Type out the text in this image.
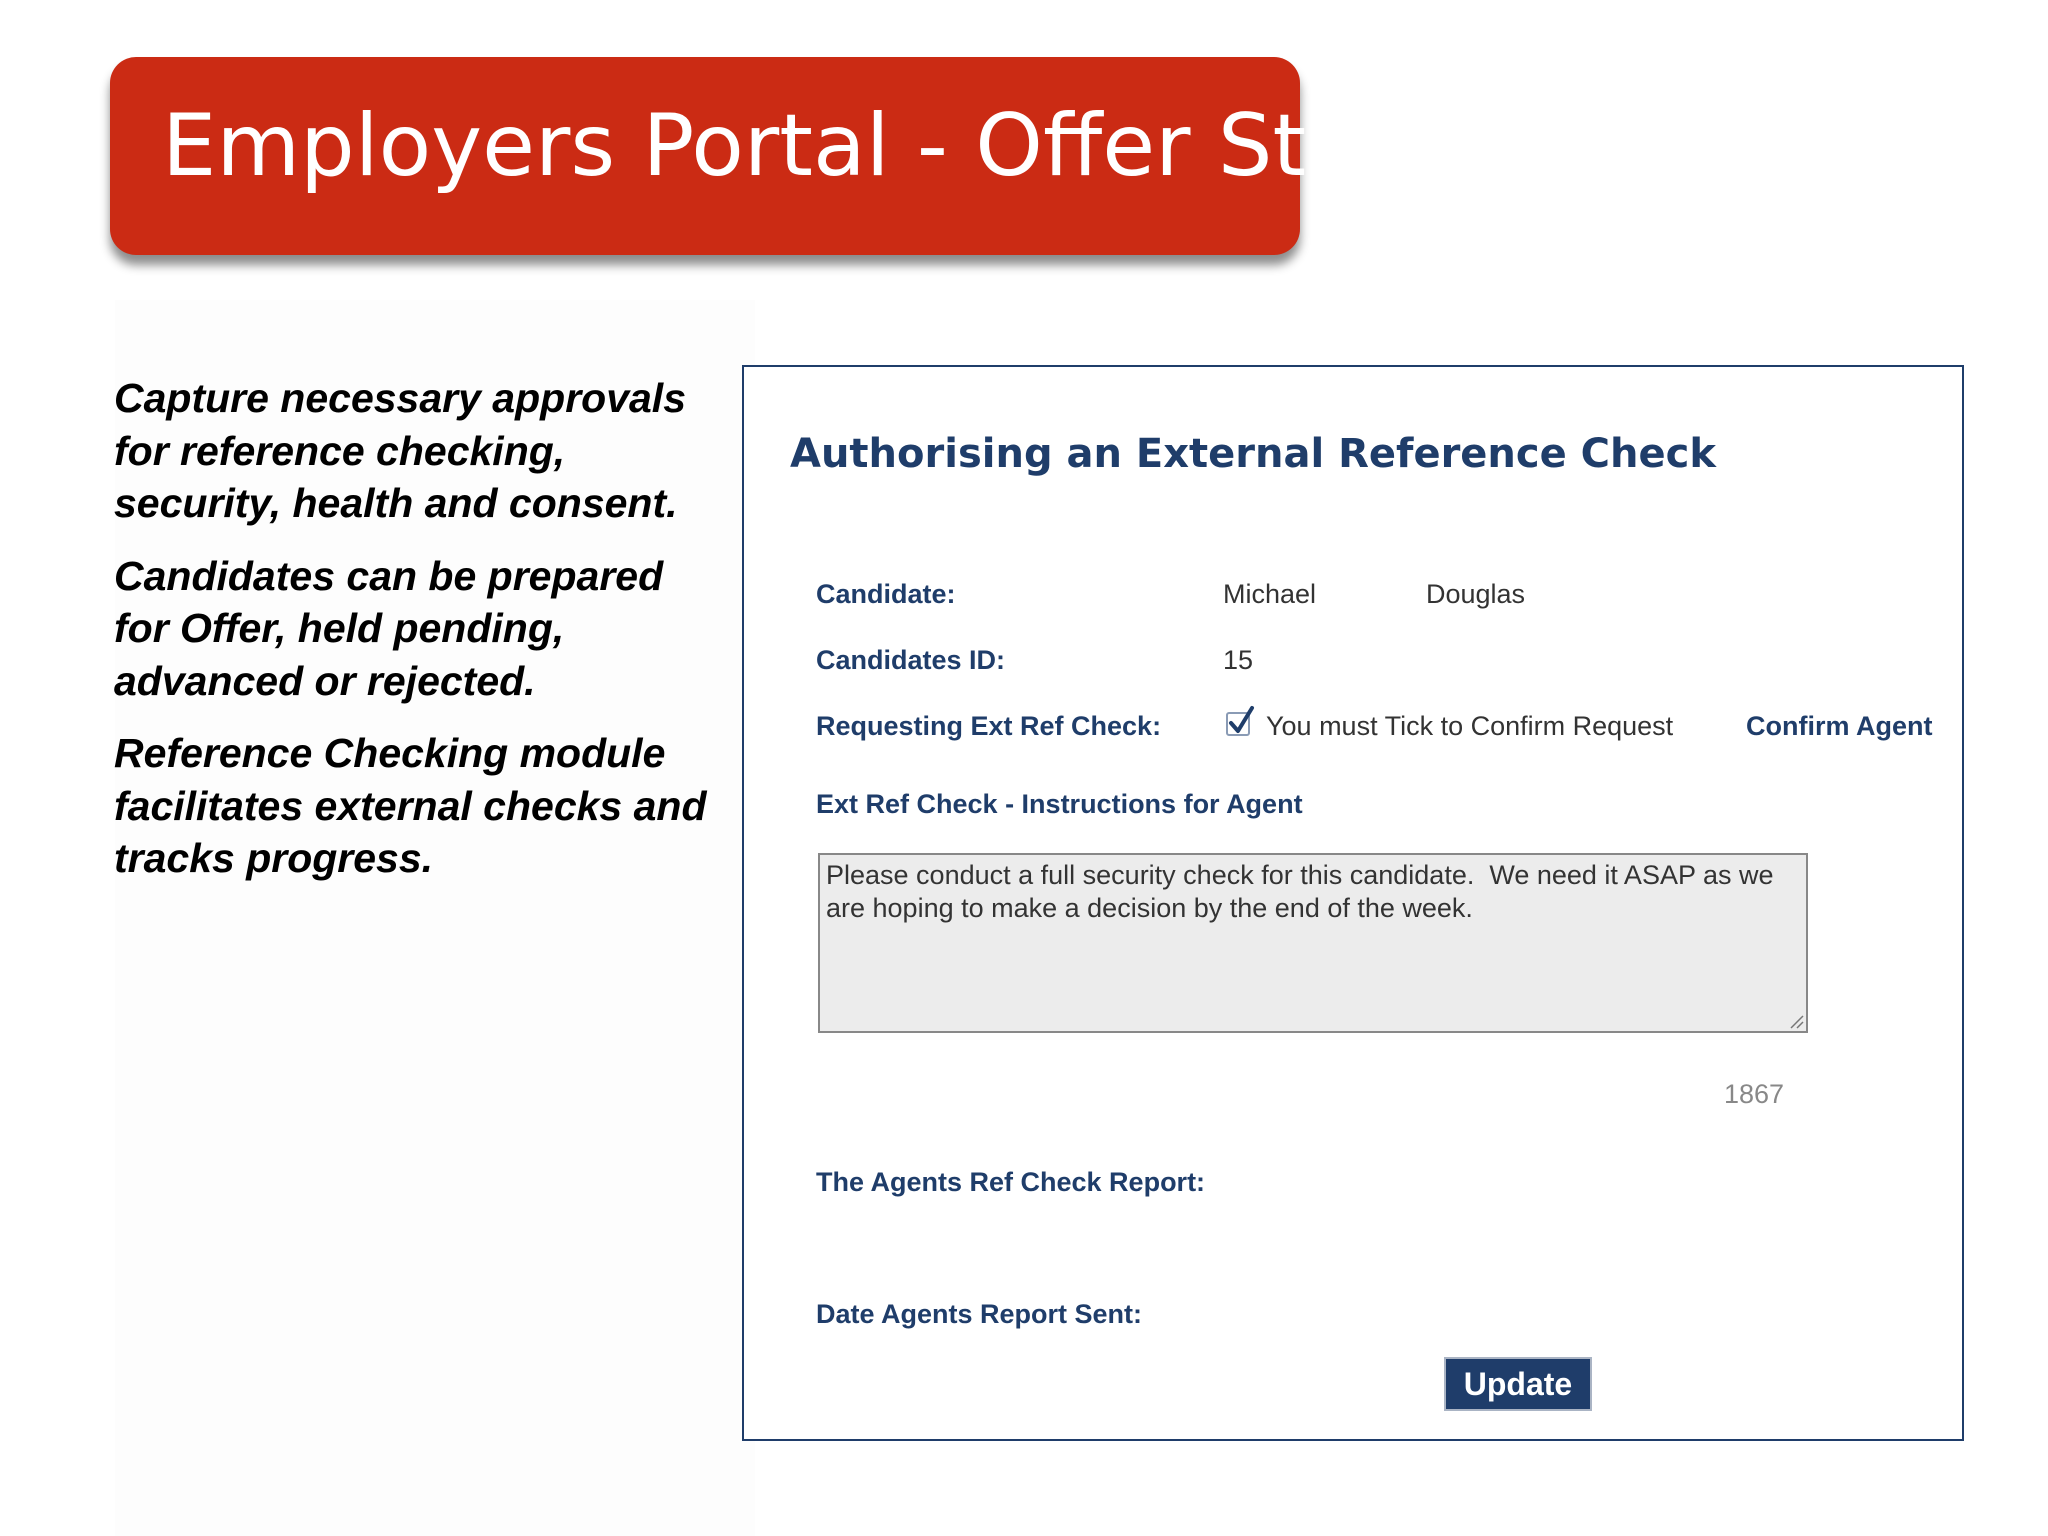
Employers Portal - Offer Stage

Capture necessary approvals for reference checking, security, health and consent.

Candidates can be prepared for Offer, held pending, advanced or rejected.

Reference Checking module facilitates external checks and tracks progress.

Authorising an External Reference Check
Candidate:	Michael	Douglas
Candidates ID:	15
Requesting Ext Ref Check:	You must Tick to Confirm Request	Confirm Agent
Ext Ref Check - Instructions for Agent
Please conduct a full security check for this candidate. We need it ASAP as we are hoping to make a decision by the end of the week.
1867
The Agents Ref Check Report:
Date Agents Report Sent:
Update
